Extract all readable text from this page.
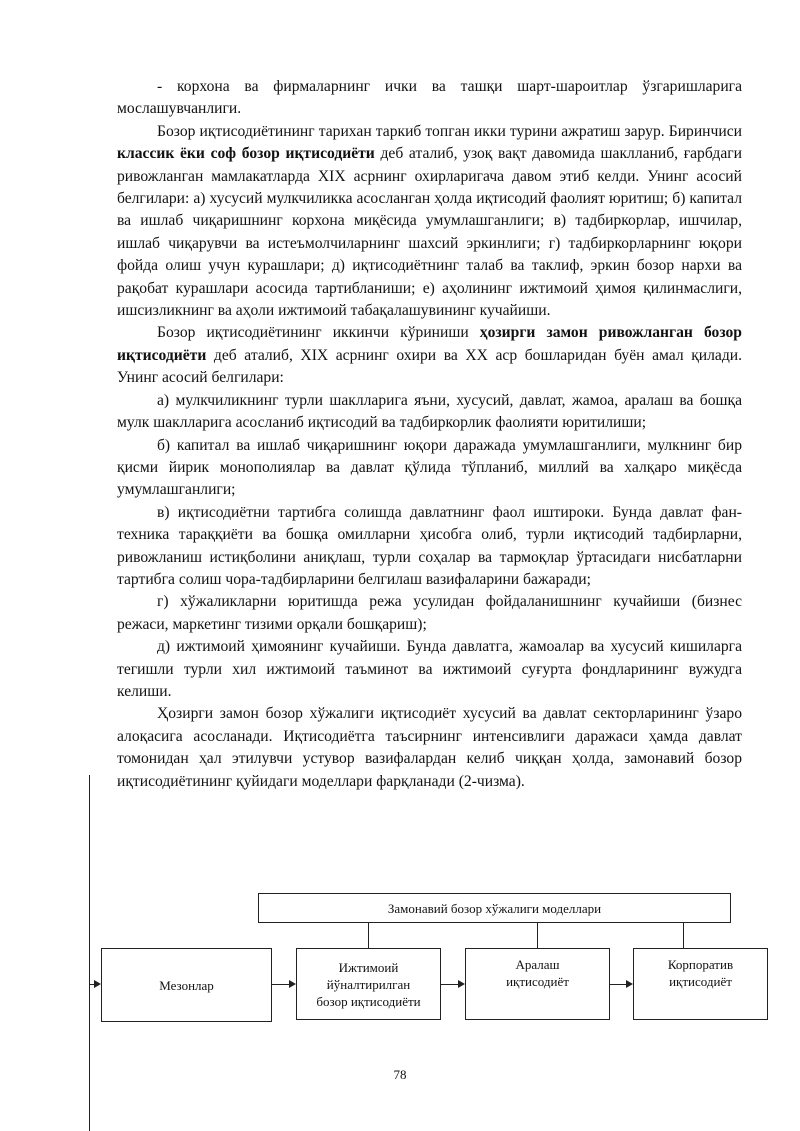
- корхона ва фирмаларнинг ички ва ташқи шарт-шароитлар ўзгаришларига мослашувчанлиги.

Бозор иқтисодиётининг тарихан таркиб топган икки турини ажратиш зарур. Биринчиси классик ёки соф бозор иқтисодиёти деб аталиб, узоқ вақт давомида шаклланиб, ғарбдаги ривожланган мамлакатларда XIX асрнинг охирларигача давом этиб келди. Унинг асосий белгилари: а) хусусий мулкчиликка асосланган ҳолда иқтисодий фаолият юритиш; б) капитал ва ишлаб чиқаришнинг корхона миқёсида умумлашганлиги; в) тадбиркорлар, ишчилар, ишлаб чиқарувчи ва истеъмолчиларнинг шахсий эркинлиги; г) тадбиркорларнинг юқори фойда олиш учун курашлари; д) иқтисодиётнинг талаб ва таклиф, эркин бозор нархи ва рақобат курашлари асосида тартибланиши; е) аҳолининг ижтимоий ҳимоя қилинмаслиги, ишсизликнинг ва аҳоли ижтимоий табақалашувининг кучайиши.

Бозор иқтисодиётининг иккинчи кўриниши ҳозирги замон ривожланган бозор иқтисодиёти деб аталиб, XIX асрнинг охири ва XX аср бошларидан буён амал қилади. Унинг асосий белгилари:

а) мулкчиликнинг турли шаклларига яъни, хусусий, давлат, жамоа, аралаш ва бошқа мулк шаклларига асосланиб иқтисодий ва тадбиркорлик фаолияти юритилиши;

б) капитал ва ишлаб чиқаришнинг юқори даражада умумлашганлиги, мулкнинг бир қисми йирик монополиялар ва давлат қўлида тўпланиб, миллий ва халқаро миқёсда умумлашганлиги;

в) иқтисодиётни тартибга солишда давлатнинг фаол иштироки. Бунда давлат фан-техника тараққиёти ва бошқа омилларни ҳисобга олиб, турли иқтисодий тадбирларни, ривожланиш истиқболини аниқлаш, турли соҳалар ва тармоқлар ўртасидаги нисбатларни тартибга солиш чора-тадбирларини белгилаш вазифаларини бажаради;

г) хўжаликларни юритишда режа усулидан фойдаланишнинг кучайиши (бизнес режаси, маркетинг тизими орқали бошқариш);

д) ижтимоий ҳимоянинг кучайиши. Бунда давлатга, жамоалар ва хусусий кишиларга тегишли турли хил ижтимоий таъминот ва ижтимоий суғурта фондларининг вужудга келиши.

Ҳозирги замон бозор хўжалиги иқтисодиёт хусусий ва давлат секторларининг ўзаро алоқасига асосланади. Иқтисодиётга таъсирнинг интенсивлиги даражаси ҳамда давлат томонидан ҳал этилувчи устувор вазифалардан келиб чиққан ҳолда, замонавий бозор иқтисодиётининг қуйидаги моделлари фарқланади (2-чизма).

Замонавий бозор хўжалиги моделлари
Мезонлар
Ижтимоий
йўналтирилган
бозор иқтисодиёти
Аралаш
иқтисодиёт
Корпоратив
иқтисодиёт
78
